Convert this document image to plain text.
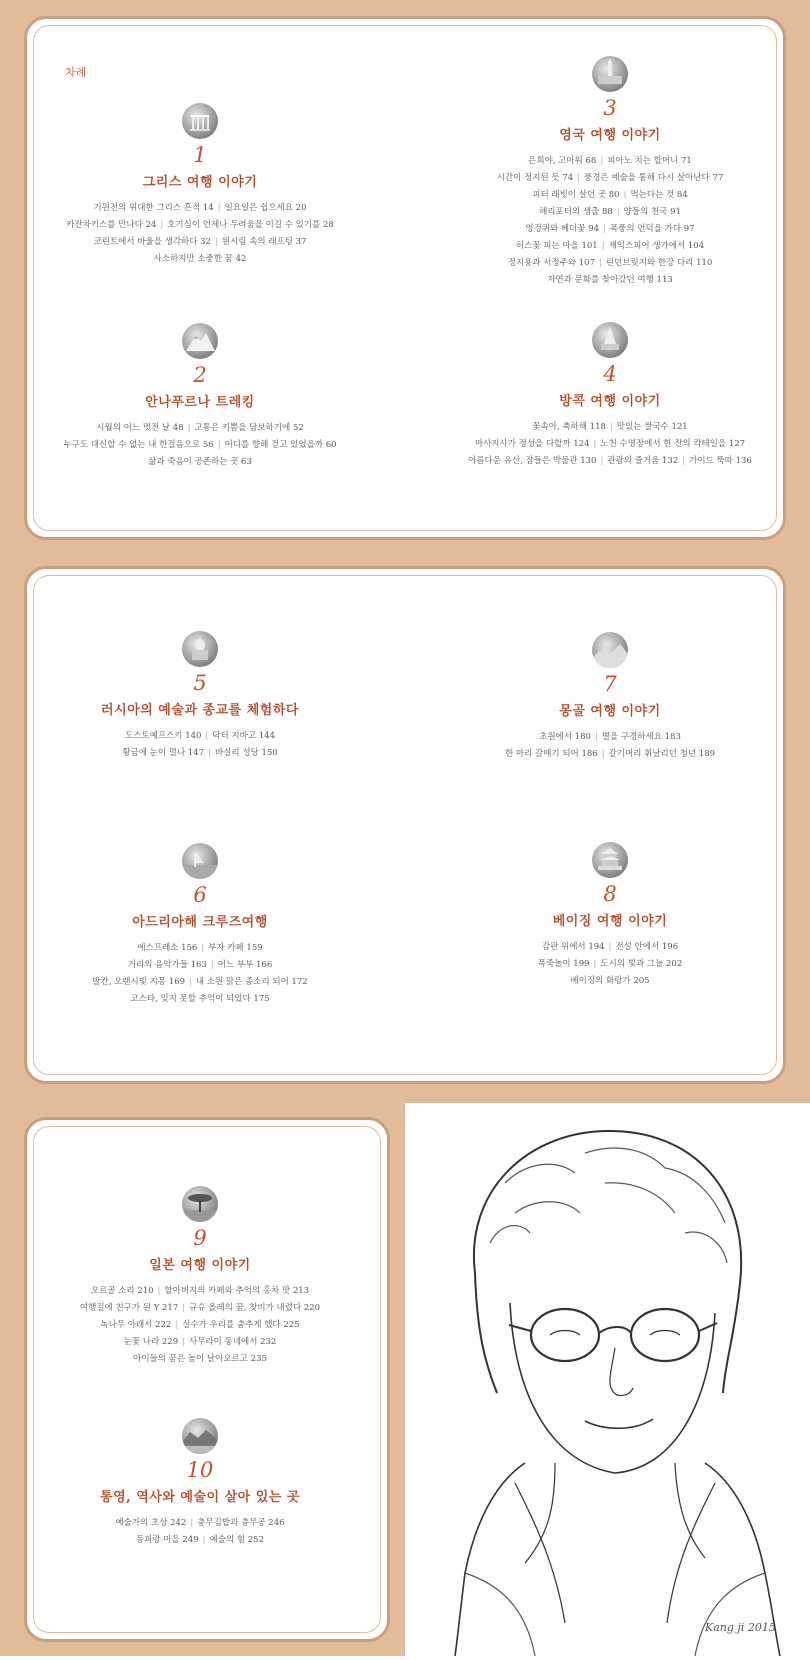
차례
1
그리스 여행 이야기
기원전의 위대한 그리스 흔적 14 | 일요일은 쉽으세요 20
카잔차키스를 만나다 24 | 호기심이 언제나 두려움을 이길 수 있기를 28
코린트에서 바울을 생각하다 32 | 원시림 속의 래프팅 37
사소하지만 소중한 꿈 42
2
안나푸르나 트레킹
시월의 어느 멋진 날 48 | 고통은 키쁨을 담보하기에 52
누구도 대신할 수 없는 내 한걸음으로 56 | 어디를 향해 걷고 있었을까 60
삶과 죽음이 공존하는 곳 63
3
영국 여행 이야기
은희야, 고마워 68 | 피아노 치는 할머니 71
시간이 정지된 듯 74 | 풍경은 예술을 통해 다시 살아난다 77
피터 래빗이 살던 곳 80 | 먹는다는 것 84
해리포터의 생출 88 | 양들의 천국 91
엉겅퀴와 헤더꽃 94 | 폭풍의 언덕을 가다 97
히스꽃 피는 마을 101 | 셰익스피어 생가에서 104
정지용과 서정주와 107 | 린던브릿지와 한강 다리 110
자연과 문화를 찾아갔던 여행 113
4
방콕 여행 이야기
꽃속아, 축하해 118 | 맛있는 쌀국수 121
마사지사가 정성을 다할까 124 | 노천 수영장에서 한 잔의 칵테일을 127
아름다운 유산, 잠들은 박물관 130 | 관광의 즐거움 132 | 가이드 뚝따 136
5
러시아의 예술과 종교를 체험하다
도스토예프스키 140 | 닥터 지바고 144
황금에 눈이 멀나 147 | 바실리 성당 150
6
아드리아해 크루즈여행
에스프레소 156 | 부자 카페 159
거리의 음악가들 163 | 어느 부부 166
발칸, 오랜시빛 지몽 169 | 내 소원 맑은 종소리 되어 172
코스타, 잊지 못할 추억이 되었다 175
7
몽골 여행 이야기
초원에서 180 | 별을 구경하세요 183
한 마리 갈매기 되어 186 | 갈기머리 휘날리던 청년 189
8
베이징 여행 이야기
감판 위에서 194 | 전설 안에서 196
폭죽놀이 199 | 도시의 빛과 그늘 202
베이징의 화랑가 205
9
일본 여행 이야기
오르골 소리 210 | 할아버지의 카페와 추억의 홍차 맛 213
여행길에 친구가 된 Y 217 | 규슈 올레의 꿈, 찾비가 내렸다 220
녹나무 아래서 222 | 실수가 우리를 춤추게 했다 225
눈꽃 나라 229 | 사무라이 동네에서 232
아이들의 꿈은 높이 날아오르고 235
10
통영, 역사와 예술이 살아 있는 곳
예술가의 초상 242 | 충무김밥과 충무공 246
동피랑 마을 249 | 예술의 힘 252
Kang ji 2015
